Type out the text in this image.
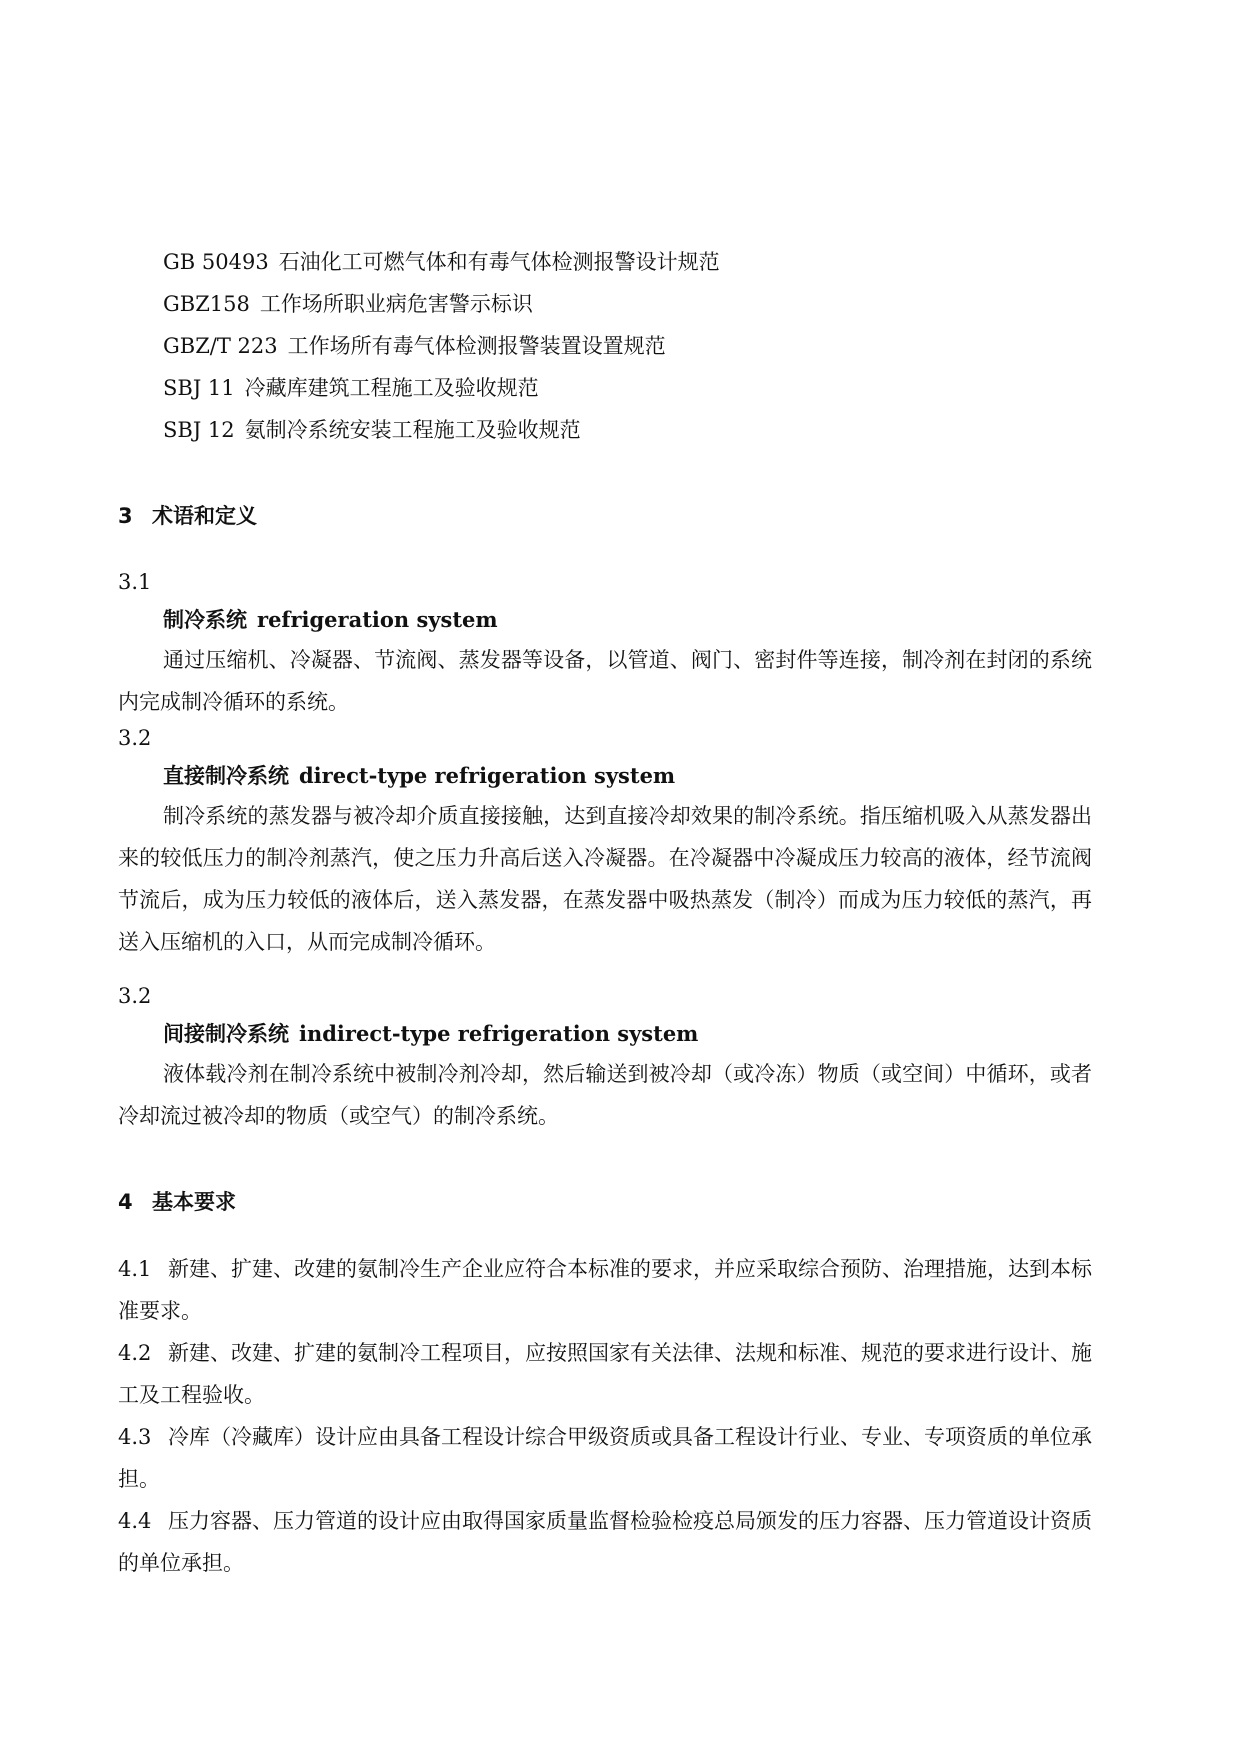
GB 50493 石油化工可燃气体和有毒气体检测报警设计规范
GBZ158 工作场所职业病危害警示标识
GBZ/T 223 工作场所有毒气体检测报警装置设置规范
SBJ 11 冷藏库建筑工程施工及验收规范
SBJ 12 氨制冷系统安装工程施工及验收规范
3 术语和定义
3.1
制冷系统 refrigeration system
通过压缩机、冷凝器、节流阀、蒸发器等设备，以管道、阀门、密封件等连接，制冷剂在封闭的系统内完成制冷循环的系统。
3.2
直接制冷系统 direct-type refrigeration system
制冷系统的蒸发器与被冷却介质直接接触，达到直接冷却效果的制冷系统。指压缩机吸入从蒸发器出来的较低压力的制冷剂蒸汽，使之压力升高后送入冷凝器。在冷凝器中冷凝成压力较高的液体，经节流阀节流后，成为压力较低的液体后，送入蒸发器，在蒸发器中吸热蒸发（制冷）而成为压力较低的蒸汽，再送入压缩机的入口，从而完成制冷循环。
3.2
间接制冷系统 indirect-type refrigeration system
液体载冷剂在制冷系统中被制冷剂冷却，然后输送到被冷却（或冷冻）物质（或空间）中循环，或者冷却流过被冷却的物质（或空气）的制冷系统。
4 基本要求
4.1 新建、扩建、改建的氨制冷生产企业应符合本标准的要求，并应采取综合预防、治理措施，达到本标准要求。
4.2 新建、改建、扩建的氨制冷工程项目，应按照国家有关法律、法规和标准、规范的要求进行设计、施工及工程验收。
4.3 冷库（冷藏库）设计应由具备工程设计综合甲级资质或具备工程设计行业、专业、专项资质的单位承担。
4.4 压力容器、压力管道的设计应由取得国家质量监督检验检疫总局颁发的压力容器、压力管道设计资质的单位承担。
